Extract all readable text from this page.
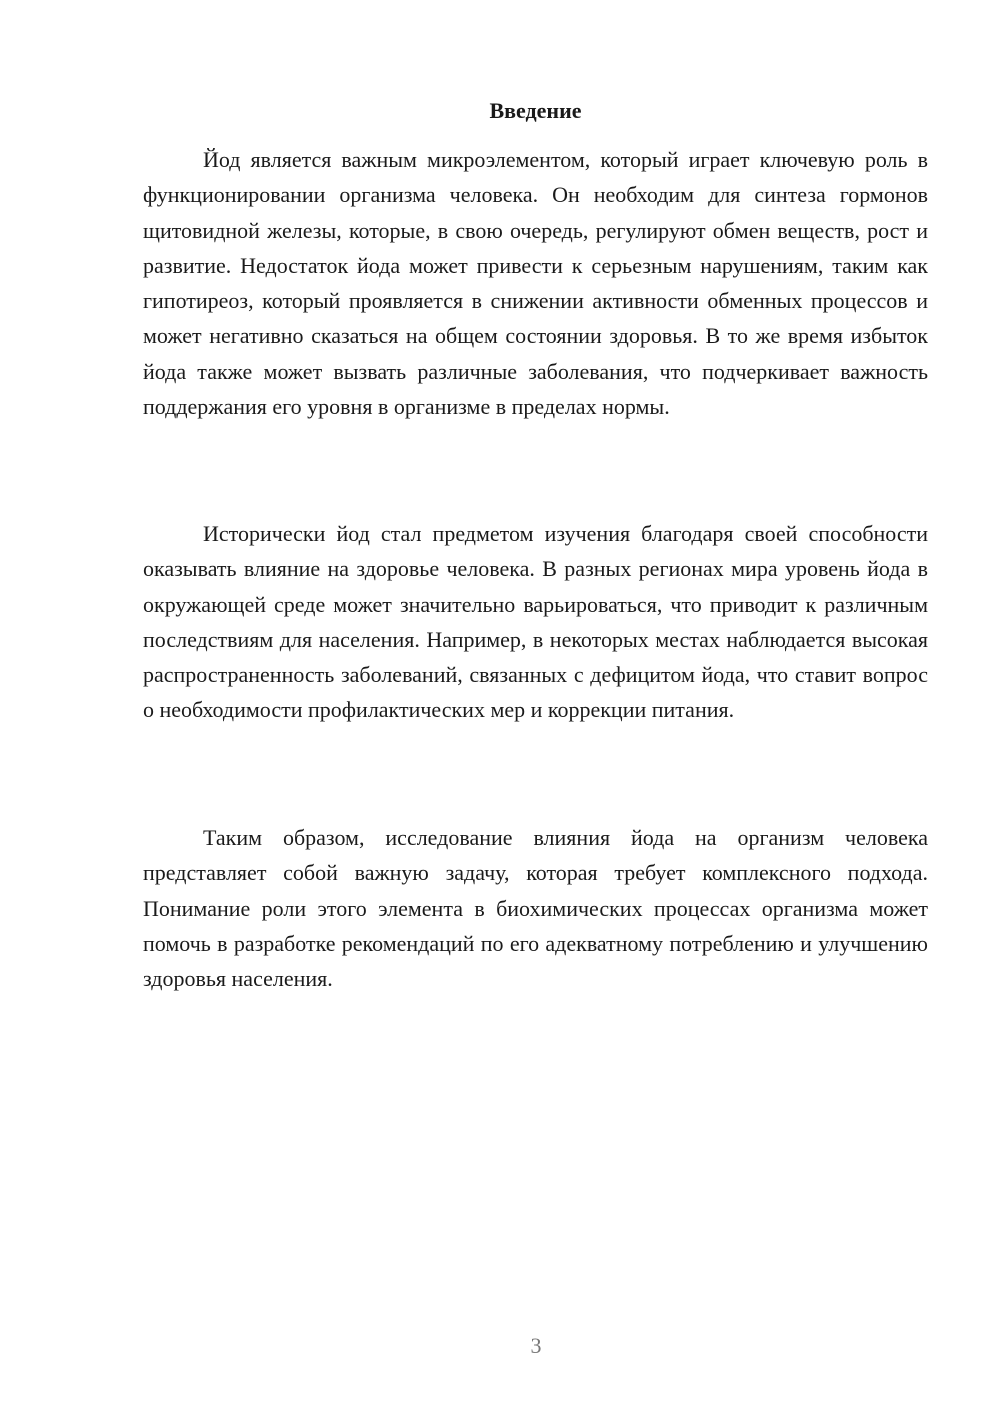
Введение

Йод является важным микроэлементом, который играет ключевую роль в функционировании организма человека. Он необходим для синтеза гормонов щитовидной железы, которые, в свою очередь, регулируют обмен веществ, рост и развитие. Недостаток йода может привести к серьезным нарушениям, таким как гипотиреоз, который проявляется в снижении активности обменных процессов и может негативно сказаться на общем состоянии здоровья. В то же время избыток йода также может вызвать различные заболевания, что подчеркивает важность поддержания его уровня в организме в пределах нормы.

Исторически йод стал предметом изучения благодаря своей способности оказывать влияние на здоровье человека. В разных регионах мира уровень йода в окружающей среде может значительно варьироваться, что приводит к различным последствиям для населения. Например, в некоторых местах наблюдается высокая распространенность заболеваний, связанных с дефицитом йода, что ставит вопрос о необходимости профилактических мер и коррекции питания.

Таким образом, исследование влияния йода на организм человека представляет собой важную задачу, которая требует комплексного подхода. Понимание роли этого элемента в биохимических процессах организма может помочь в разработке рекомендаций по его адекватному потреблению и улучшению здоровья населения.

3
